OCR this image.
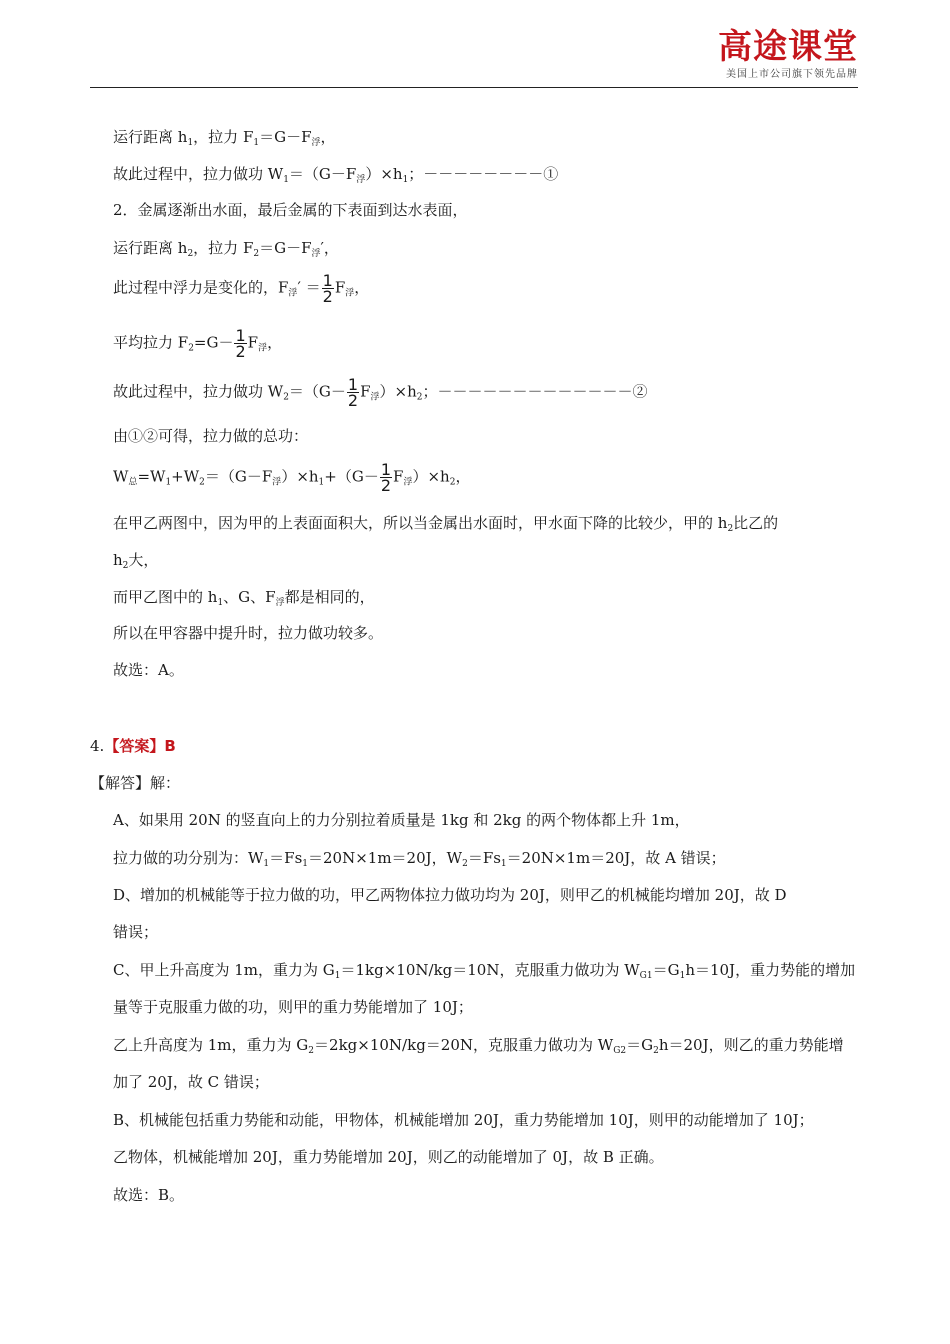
高途课堂
美国上市公司旗下领先品牌
运行距离 $h_1$，拉力 $F_1=G-F_浮$，
故此过程中，拉力做功 $W_1=(G-F_浮)\times h_1$；－－－－－－－－①
2．金属逐渐出水面，最后金属的下表面到达水表面，
运行距离 $h_2$，拉力 $F_2=G-F_浮'$，
此过程中浮力是变化的，$F_浮' = \frac{1}{2} F_浮$，
平均拉力 $F_2=G- \frac{1}{2} F_浮$，
故此过程中，拉力做功 $W_2=(G- \frac{1}{2} F_浮)\times h_2$；－－－－－－－－－－－－－②
由①②可得，拉力做的总功：
$W_总=W_1+W_2=(G-F_浮)\times h_1+(G- \frac{1}{2} F_浮)\times h_2$，
在甲乙两图中，因为甲的上表面面积大，所以当金属出水面时，甲水面下降的比较少，甲的 $h_2$比乙的
$h_2$大，
而甲乙图中的 $h_1$、G、$F_浮$都是相同的，
所以在甲容器中提升时，拉力做功较多。
故选：A。
4.【答案】B
【解答】解：
A、如果用 20N 的竖直向上的力分别拉着质量是 1kg 和 2kg 的两个物体都上升 1m，
拉力做的功分别为：$W_1=Fs_1=20N\times 1m=20J$，$W_2=Fs_1=20N\times 1m=20J$，故 A 错误；
D、增加的机械能等于拉力做的功，甲乙两物体拉力做功均为 20J，则甲乙的机械能均增加 20J，故 D
错误；
C、甲上升高度为 1m，重力为 $G_1=1kg\times 10N/kg=10N$，克服重力做功为 $W_{G1}=G_1h=10J$，重力势能的增加
量等于克服重力做的功，则甲的重力势能增加了 10J；
乙上升高度为 1m，重力为 $G_2=2kg\times 10N/kg=20N$，克服重力做功为 $W_{G2}=G_2h=20J$，则乙的重力势能增
加了 20J，故 C 错误；
B、机械能包括重力势能和动能，甲物体，机械能增加 20J，重力势能增加 10J，则甲的动能增加了 10J；
乙物体，机械能增加 20J，重力势能增加 20J，则乙的动能增加了 0J，故 B 正确。
故选：B。
